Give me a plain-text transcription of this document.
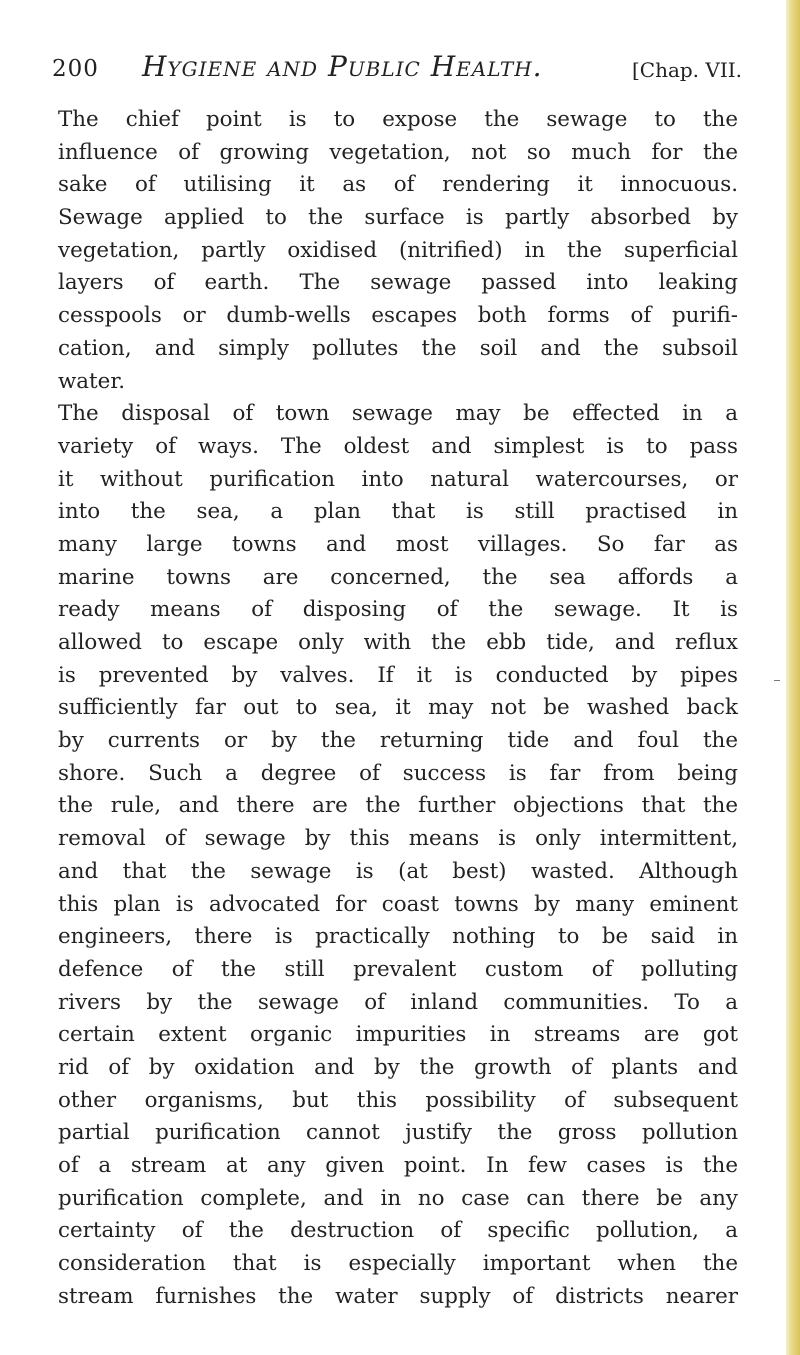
200 Hygiene and Public Health.	[Chap. VII.
The chief point is to expose the sewage to the
influence of growing vegetation, not so much for the
sake of utilising it as of rendering it innocuous.
Sewage applied to the surface is partly absorbed by
vegetation, partly oxidised (nitrified) in the superficial
layers of earth. The sewage passed into leaking
cesspools or dumb-wells escapes both forms of purifi-
cation, and simply pollutes the soil and the subsoil
water.
The disposal of town sewage may be effected in a
variety of ways. The oldest and simplest is to pass
it without purification into natural watercourses, or
into the sea, a plan that is still practised in
many large towns and most villages. So far as
marine towns are concerned, the sea affords a
ready means of disposing of the sewage. It is
allowed to escape only with the ebb tide, and reflux
is prevented by valves. If it is conducted by pipes
sufficiently far out to sea, it may not be washed back
by currents or by the returning tide and foul the
shore. Such a degree of success is far from being
the rule, and there are the further objections that the
removal of sewage by this means is only intermittent,
and that the sewage is (at best) wasted. Although
this plan is advocated for coast towns by many eminent
engineers, there is practically nothing to be said in
defence of the still prevalent custom of polluting
rivers by the sewage of inland communities. To a
certain extent organic impurities in streams are got
rid of by oxidation and by the growth of plants and
other organisms, but this possibility of subsequent
partial purification cannot justify the gross pollution
of a stream at any given point. In few cases is the
purification complete, and in no case can there be any
certainty of the destruction of specific pollution, a
consideration that is especially important when the
stream furnishes the water supply of districts nearer
